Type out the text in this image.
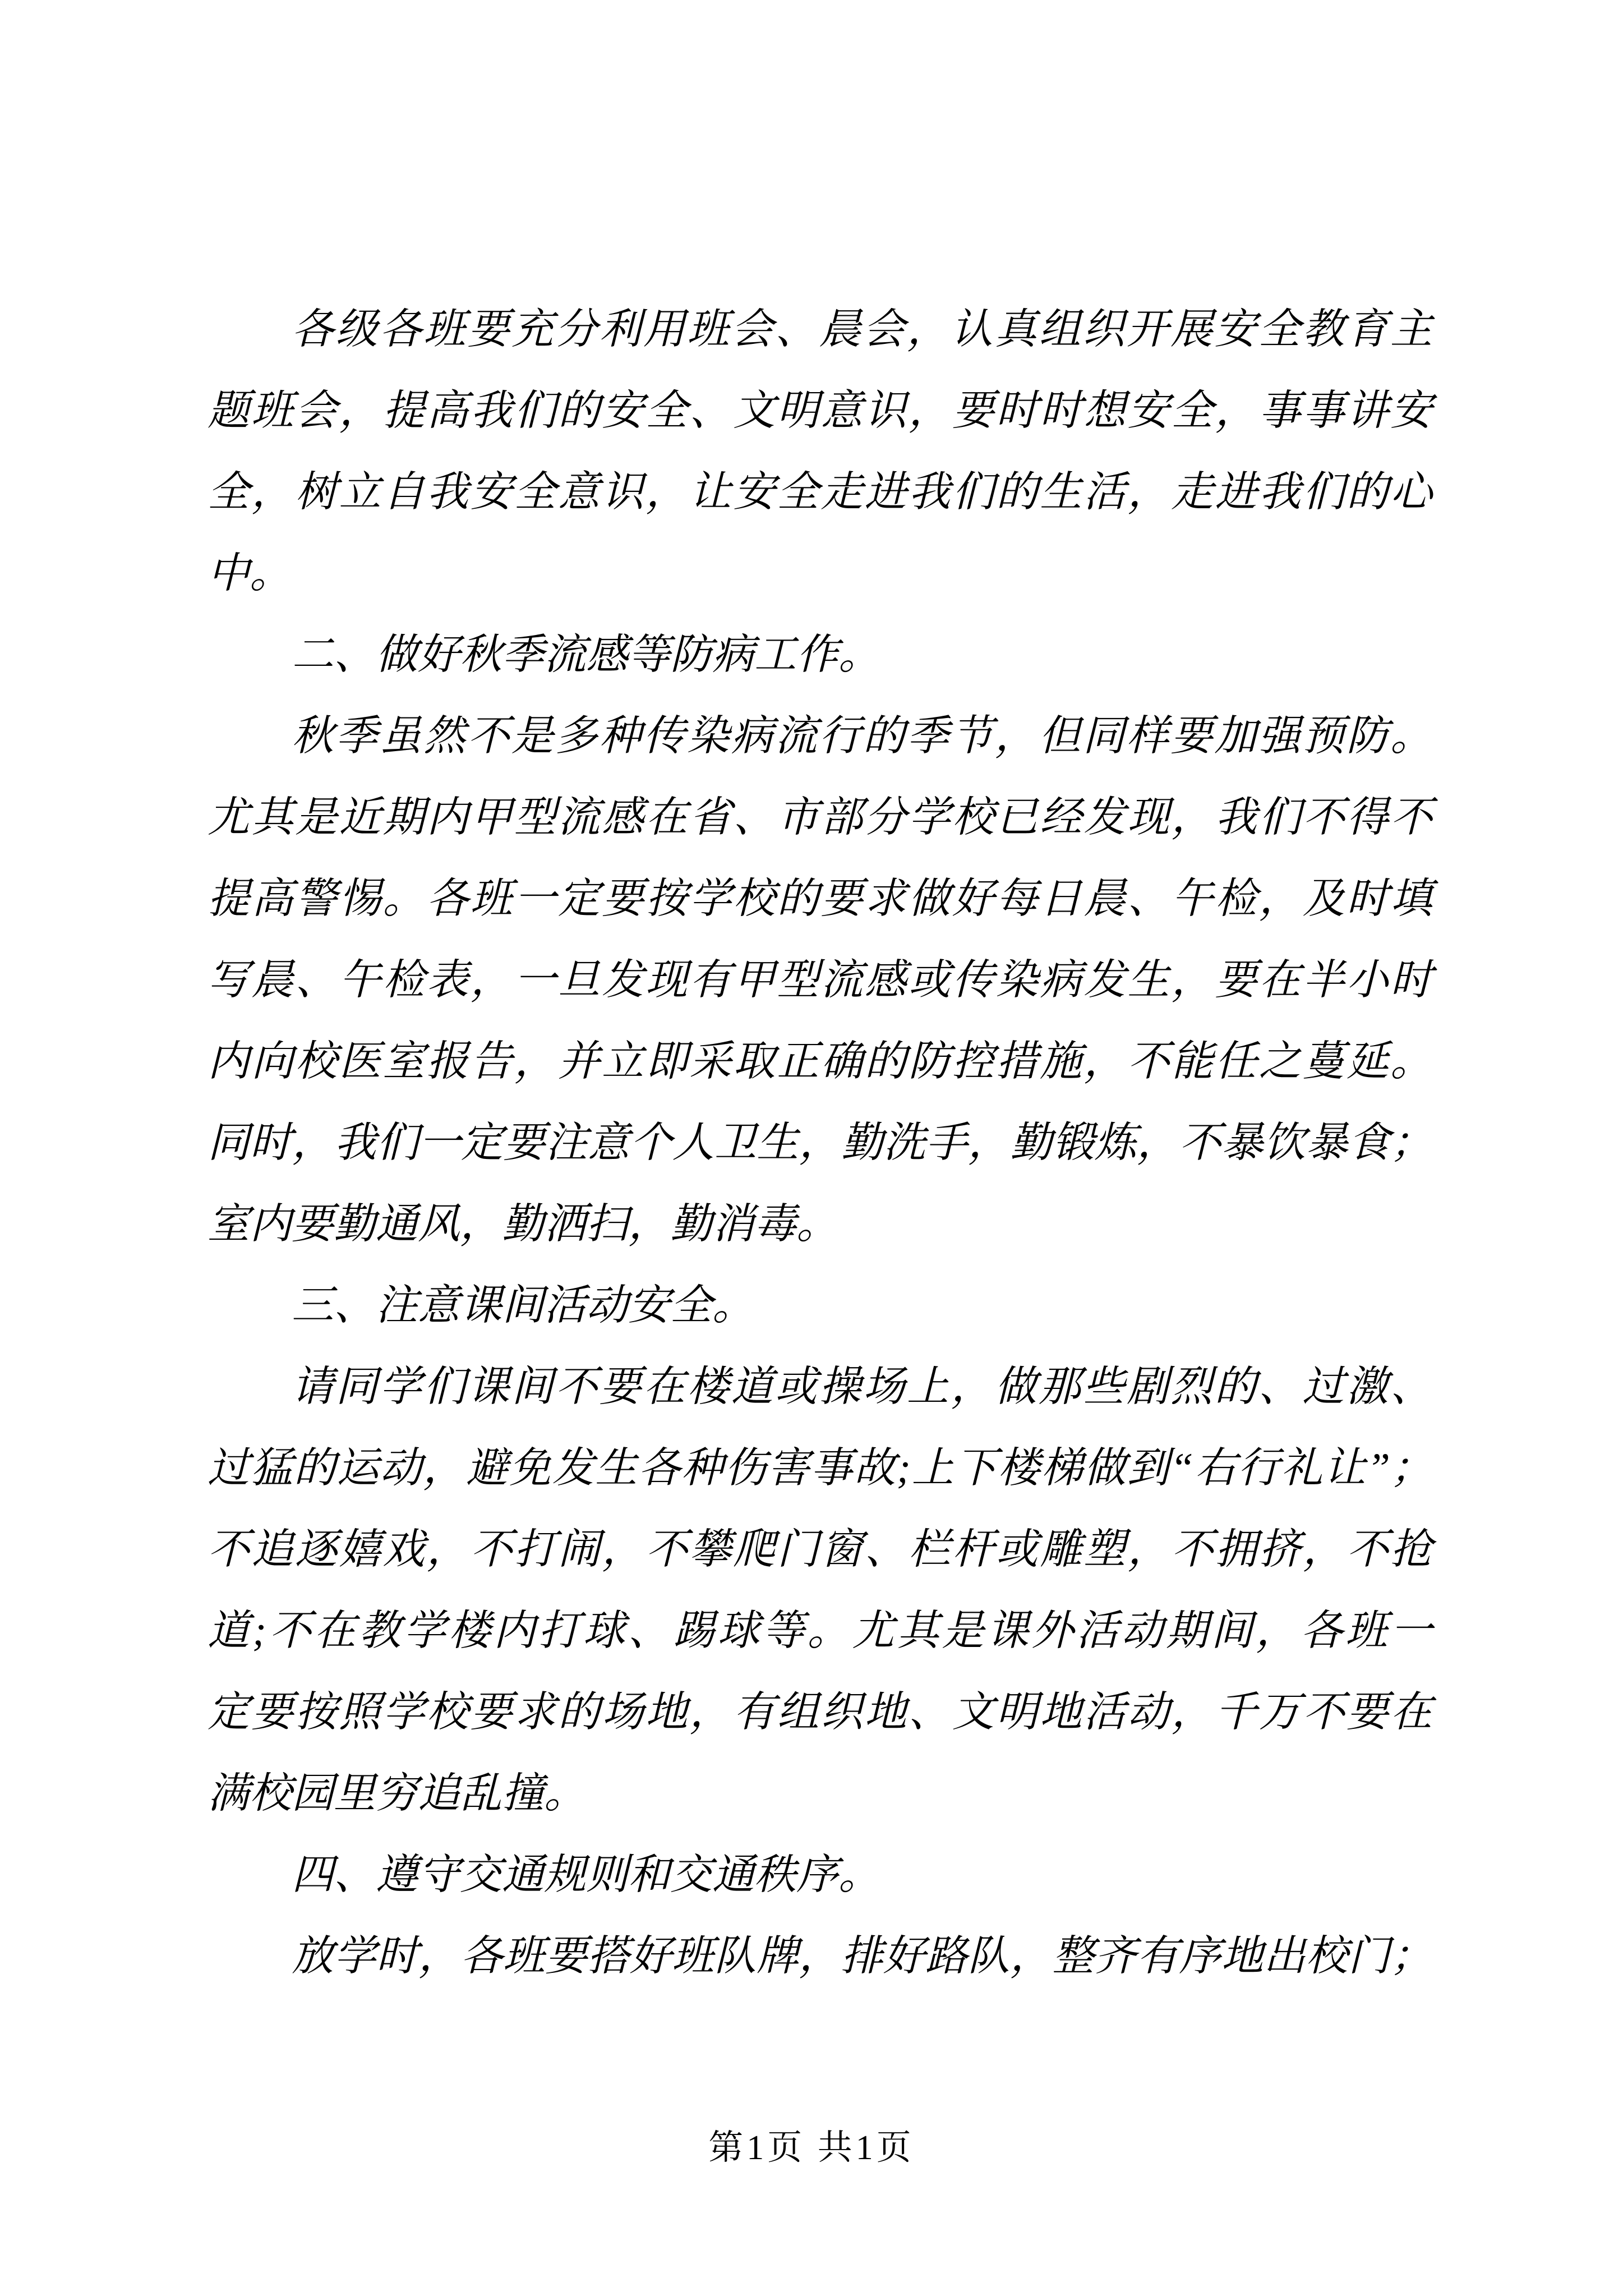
各级各班要充分利用班会、晨会，认真组织开展安全教育主
题班会，提高我们的安全、文明意识，要时时想安全，事事讲安
全，树立自我安全意识，让安全走进我们的生活，走进我们的心
中。
二、做好秋季流感等防病工作。
秋季虽然不是多种传染病流行的季节，但同样要加强预防。
尤其是近期内甲型流感在省、市部分学校已经发现，我们不得不
提高警惕。各班一定要按学校的要求做好每日晨、午检，及时填
写晨、午检表，一旦发现有甲型流感或传染病发生，要在半小时
内向校医室报告，并立即采取正确的防控措施，不能任之蔓延。
同时，我们一定要注意个人卫生，勤洗手，勤锻炼，不暴饮暴食；
室内要勤通风，勤洒扫，勤消毒。
三、注意课间活动安全。
请同学们课间不要在楼道或操场上，做那些剧烈的、过激、
过猛的运动，避免发生各种伤害事故;上下楼梯做到“右行礼让”；
不追逐嬉戏，不打闹，不攀爬门窗、栏杆或雕塑，不拥挤，不抢
道;不在教学楼内打球、踢球等。尤其是课外活动期间，各班一
定要按照学校要求的场地，有组织地、文明地活动，千万不要在
满校园里穷追乱撞。
四、遵守交通规则和交通秩序。
放学时，各班要搭好班队牌，排好路队，整齐有序地出校门；
第1页 共1页
